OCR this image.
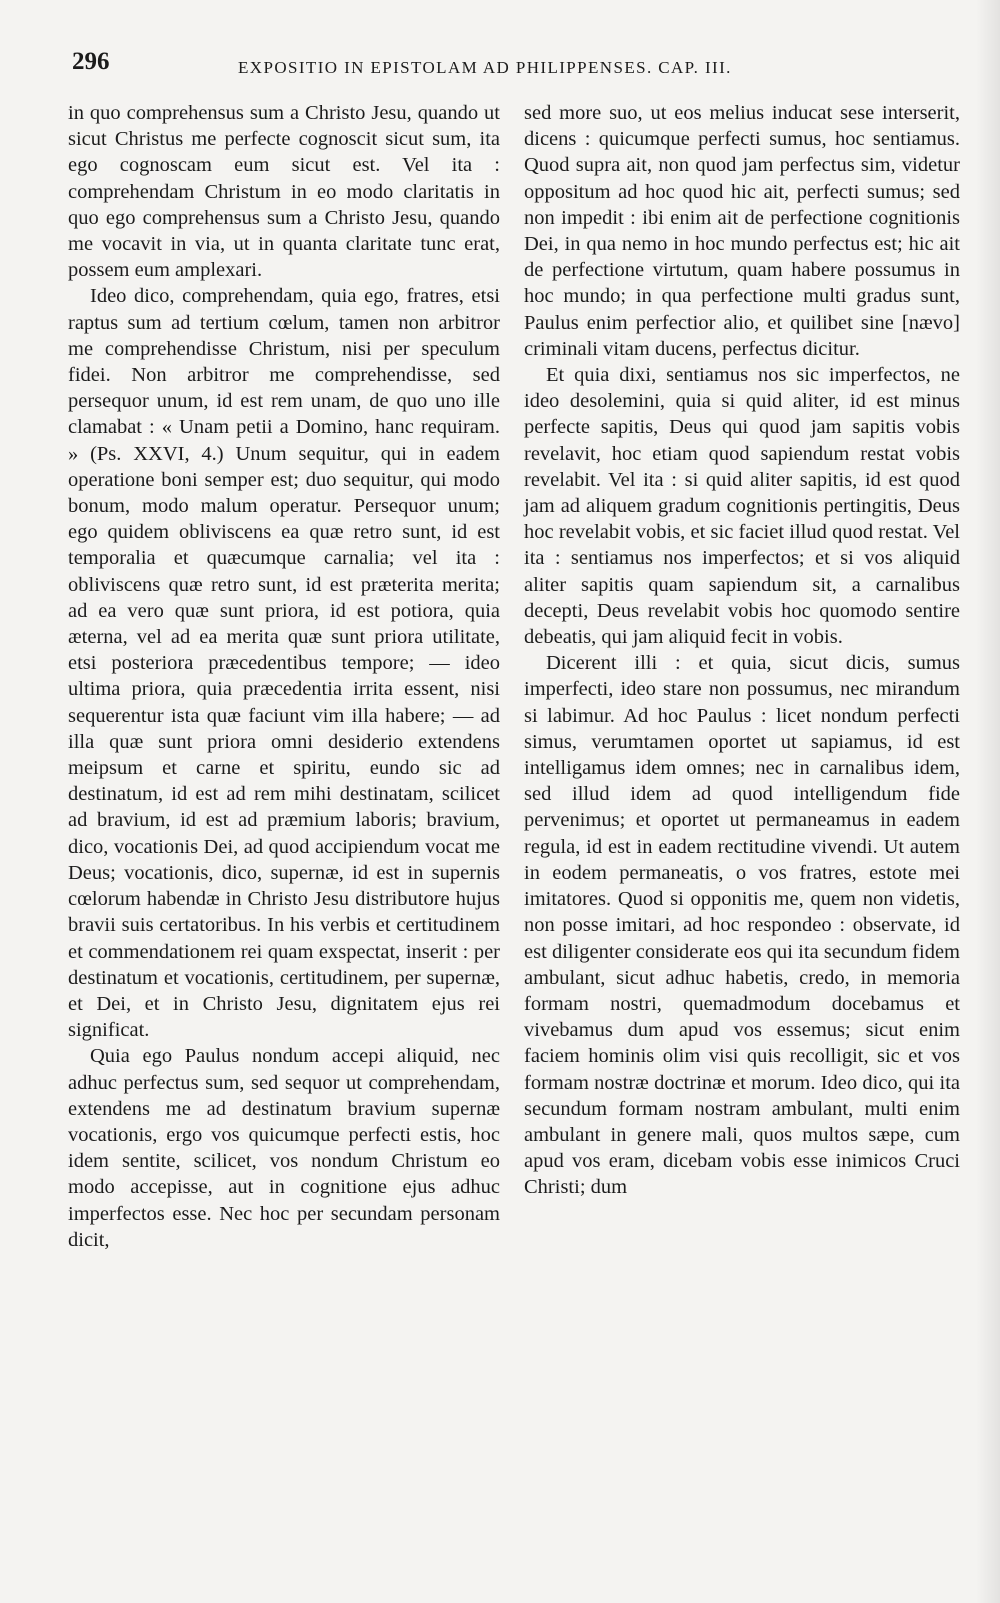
296	EXPOSITIO IN EPISTOLAM AD PHILIPPENSES. CAP. III.

in quo comprehensus sum a Christo Jesu, quando ut sicut Christus me perfecte cognoscit sicut sum, ita ego cognoscam eum sicut est. Vel ita : comprehendam Christum in eo modo claritatis in quo ego comprehensus sum a Christo Jesu, quando me vocavit in via, ut in quanta claritate tunc erat, possem eum amplexari.

Ideo dico, comprehendam, quia ego, fratres, etsi raptus sum ad tertium cœlum, tamen non arbitror me comprehendisse Christum, nisi per speculum fidei. Non arbitror me comprehendisse, sed persequor unum, id est rem unam, de quo uno ille clamabat : « Unam petii a Domino, hanc requiram. » (Ps. XXVI, 4.) Unum sequitur, qui in eadem operatione boni semper est; duo sequitur, qui modo bonum, modo malum operatur. Persequor unum; ego quidem obliviscens ea quæ retro sunt, id est temporalia et quæcumque carnalia; vel ita : obliviscens quæ retro sunt, id est præterita merita; ad ea vero quæ sunt priora, id est potiora, quia æterna, vel ad ea merita quæ sunt priora utilitate, etsi posteriora præcedentibus tempore; — ideo ultima priora, quia præcedentia irrita essent, nisi sequerentur ista quæ faciunt vim illa habere; — ad illa quæ sunt priora omni desiderio extendens meipsum et carne et spiritu, eundo sic ad destinatum, id est ad rem mihi destinatam, scilicet ad bravium, id est ad præmium laboris; bravium, dico, vocationis Dei, ad quod accipiendum vocat me Deus; vocationis, dico, supernæ, id est in supernis cœlorum habendæ in Christo Jesu distributore hujus bravii suis certatoribus. In his verbis et certitudinem et commendationem rei quam exspectat, inserit : per destinatum et vocationis, certitudinem, per supernæ, et Dei, et in Christo Jesu, dignitatem ejus rei significat.

Quia ego Paulus nondum accepi aliquid, nec adhuc perfectus sum, sed sequor ut comprehendam, extendens me ad destinatum bravium supernæ vocationis, ergo vos quicumque perfecti estis, hoc idem sentite, scilicet, vos nondum Christum eo modo accepisse, aut in cognitione ejus adhuc imperfectos esse. Nec hoc per secundam personam dicit,

sed more suo, ut eos melius inducat sese interserit, dicens : quicumque perfecti sumus, hoc sentiamus. Quod supra ait, non quod jam perfectus sim, videtur oppositum ad hoc quod hic ait, perfecti sumus; sed non impedit : ibi enim ait de perfectione cognitionis Dei, in qua nemo in hoc mundo perfectus est; hic ait de perfectione virtutum, quam habere possumus in hoc mundo; in qua perfectione multi gradus sunt, Paulus enim perfectior alio, et quilibet sine [nævo] criminali vitam ducens, perfectus dicitur.

Et quia dixi, sentiamus nos sic imperfectos, ne ideo desolemini, quia si quid aliter, id est minus perfecte sapitis, Deus qui quod jam sapitis vobis revelavit, hoc etiam quod sapiendum restat vobis revelabit. Vel ita : si quid aliter sapitis, id est quod jam ad aliquem gradum cognitionis pertingitis, Deus hoc revelabit vobis, et sic faciet illud quod restat. Vel ita : sentiamus nos imperfectos; et si vos aliquid aliter sapitis quam sapiendum sit, a carnalibus decepti, Deus revelabit vobis hoc quomodo sentire debeatis, qui jam aliquid fecit in vobis.

Dicerent illi : et quia, sicut dicis, sumus imperfecti, ideo stare non possumus, nec mirandum si labimur. Ad hoc Paulus : licet nondum perfecti simus, verumtamen oportet ut sapiamus, id est intelligamus idem omnes; nec in carnalibus idem, sed illud idem ad quod intelligendum fide pervenimus; et oportet ut permaneamus in eadem regula, id est in eadem rectitudine vivendi. Ut autem in eodem permaneatis, o vos fratres, estote mei imitatores. Quod si opponitis me, quem non videtis, non posse imitari, ad hoc respondeo : observate, id est diligenter considerate eos qui ita secundum fidem ambulant, sicut adhuc habetis, credo, in memoria formam nostri, quemadmodum docebamus et vivebamus dum apud vos essemus; sicut enim faciem hominis olim visi quis recolligit, sic et vos formam nostræ doctrinæ et morum. Ideo dico, qui ita secundum formam nostram ambulant, multi enim ambulant in genere mali, quos multos sæpe, cum apud vos eram, dicebam vobis esse inimicos Cruci Christi; dum
